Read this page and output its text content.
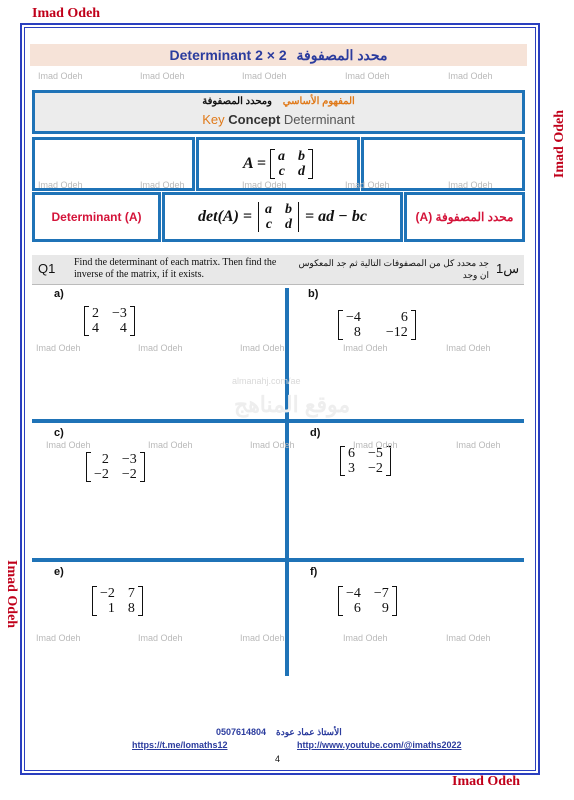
Imad Odeh
Imad Odeh
Imad Odeh
Imad Odeh
Determinant 2 × 2 محدد المصفوفة
Imad Odeh	Imad Odeh	Imad Odeh	Imad Odeh	Imad Odeh
المفهوم الأساسي ومحدد المصفوفة
Key Concept Determinant
A = a	b
c	d
Imad Odeh	Imad Odeh	Imad Odeh	Imad Odeh	Imad Odeh
Determinant (A)	det(A) = a	b
c	d = ad − bc	محدد المصفوفة (A)
Q1 Find the determinant of each matrix. Then find the inverse of the matrix, if it exists.
جد محدد كل من المصفوفات التالية ثم جد المعكوس ان وجد س1
almanahj.com/ae
موقع المناهج
a)
2	−3
4	4
b)
−4	6
8	−12
Imad Odeh	Imad Odeh	Imad Odeh	Imad Odeh	Imad Odeh
c)
2	−3
−2	−2
d)
6	−5
3	−2
Imad Odeh	Imad Odeh	Imad Odeh	Imad Odeh	Imad Odeh
e)
−2	7
1	8
f)
−4	−7
6	9
Imad Odeh	Imad Odeh	Imad Odeh	Imad Odeh	Imad Odeh
0507614804 الأستاذ عماد عودة
https://t.me/lomaths12	http://www.youtube.com/@imaths2022
4
